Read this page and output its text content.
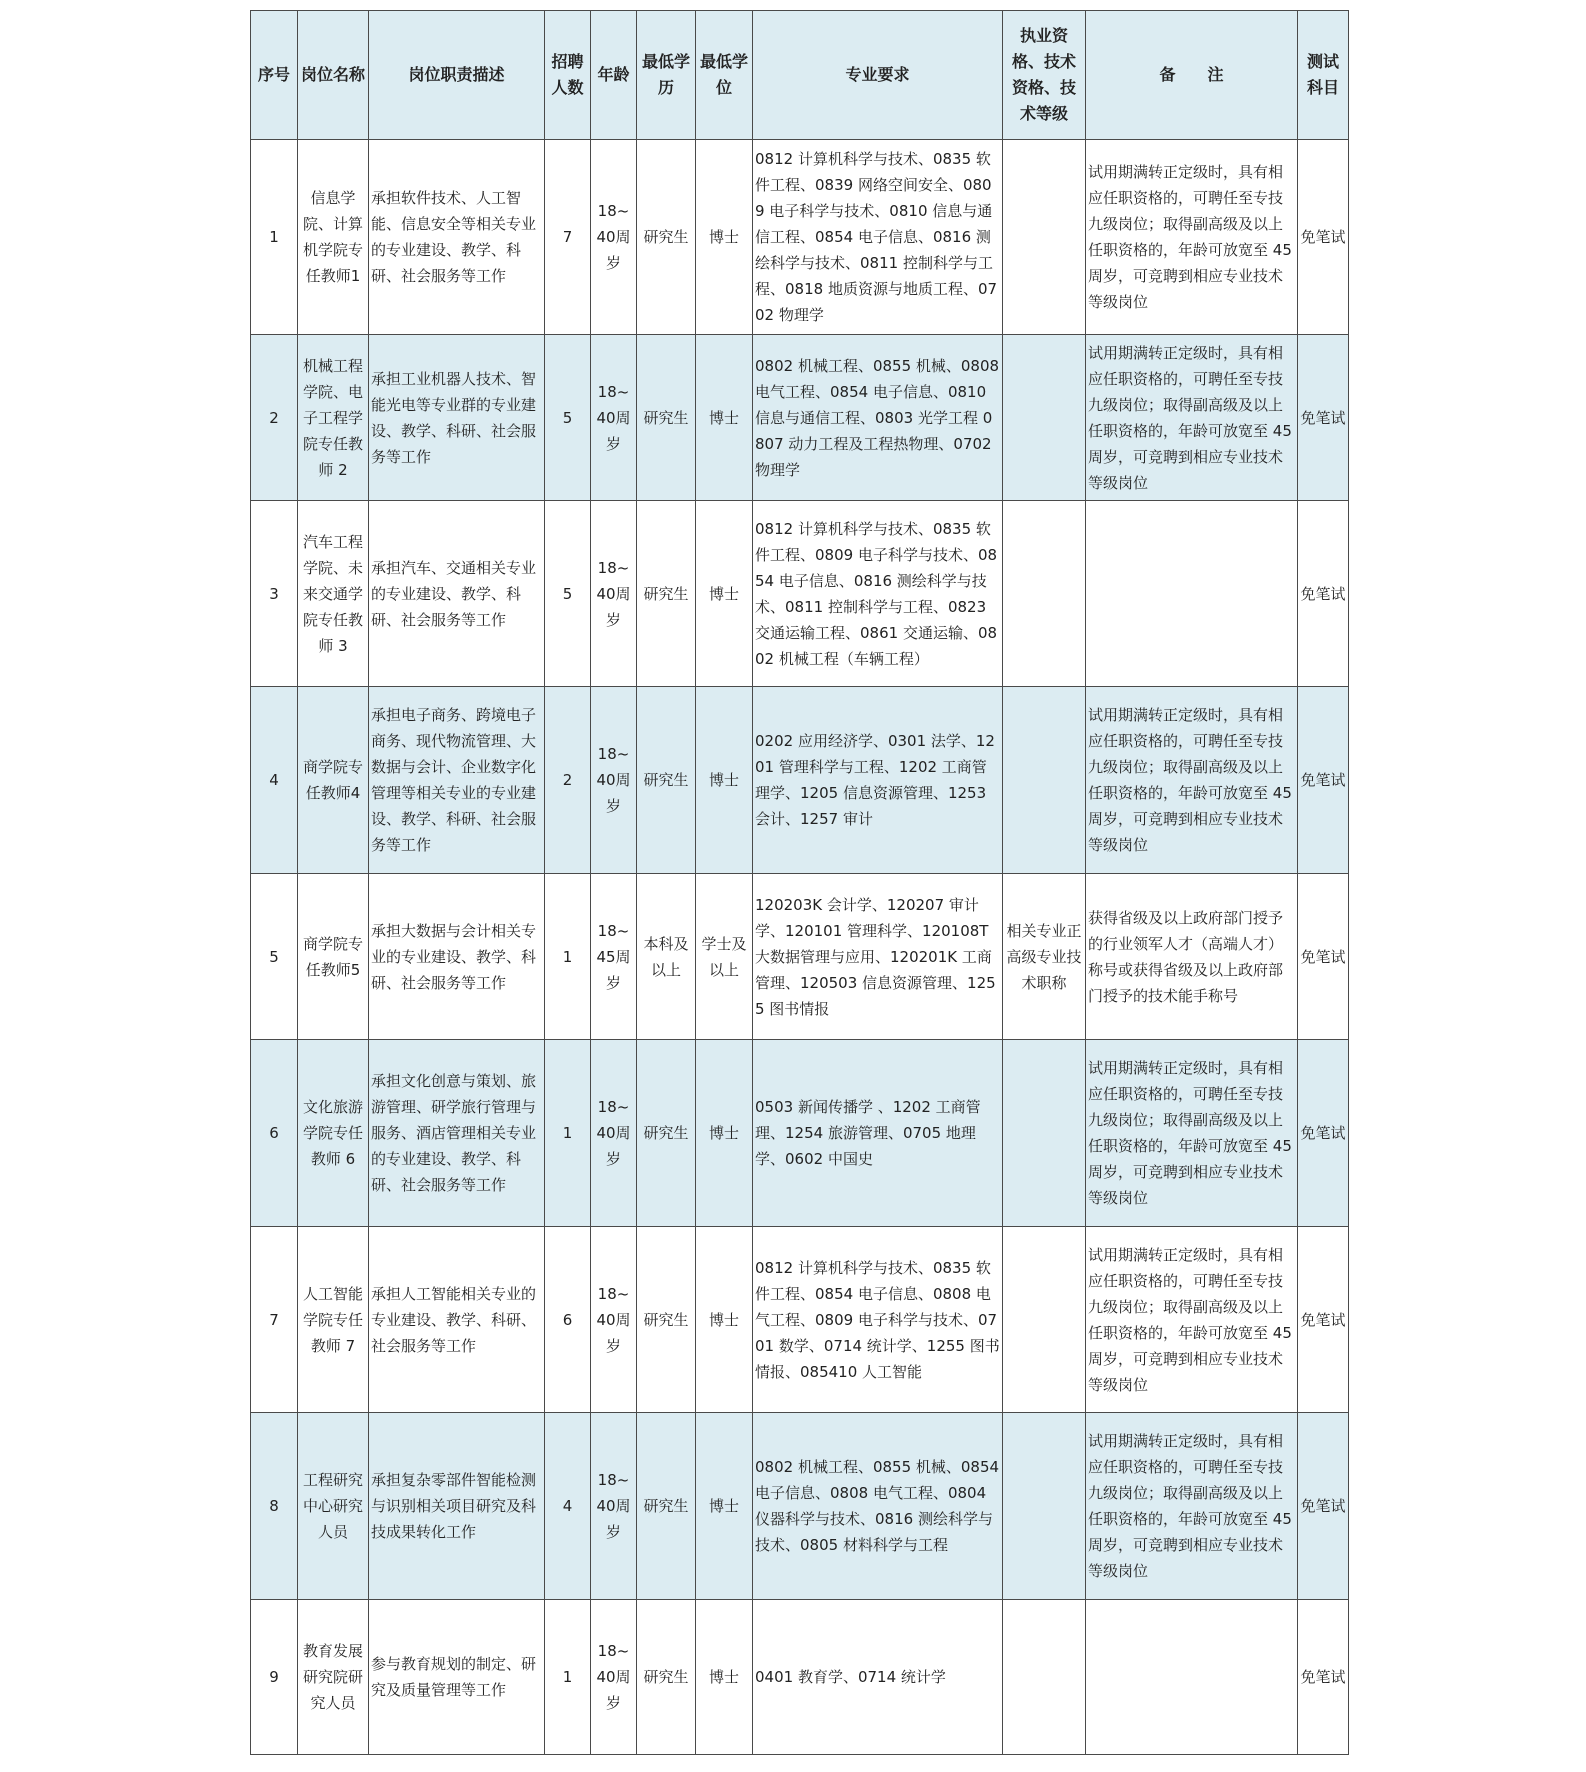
序号	岗位名称	岗位职责描述	招聘人数	年龄	最低学历	最低学位	专业要求	执业资格、技术资格、技术等级	备　　注	测试科目
1	信息学院、计算机学院专任教师1	承担软件技术、人工智能、信息安全等相关专业的专业建设、教学、科研、社会服务等工作	7	18~40周岁	研究生	博士	0812 计算机科学与技术、0835 软件工程、0839 网络空间安全、0809 电子科学与技术、0810 信息与通信工程、0854 电子信息、0816 测绘科学与技术、0811 控制科学与工程、0818 地质资源与地质工程、0702 物理学		试用期满转正定级时，具有相应任职资格的，可聘任至专技九级岗位；取得副高级及以上任职资格的，年龄可放宽至 45 周岁，可竞聘到相应专业技术等级岗位	免笔试
2	机械工程学院、电子工程学院专任教师 2	承担工业机器人技术、智能光电等专业群的专业建设、教学、科研、社会服务等工作	5	18~40周岁	研究生	博士	0802 机械工程、0855 机械、0808 电气工程、0854 电子信息、0810 信息与通信工程、0803 光学工程 0807 动力工程及工程热物理、0702 物理学		试用期满转正定级时，具有相应任职资格的，可聘任至专技九级岗位；取得副高级及以上任职资格的，年龄可放宽至 45 周岁，可竞聘到相应专业技术等级岗位	免笔试
3	汽车工程学院、未来交通学院专任教师 3	承担汽车、交通相关专业的专业建设、教学、科研、社会服务等工作	5	18~40周岁	研究生	博士	0812 计算机科学与技术、0835 软件工程、0809 电子科学与技术、0854 电子信息、0816 测绘科学与技术、0811 控制科学与工程、0823 交通运输工程、0861 交通运输、0802 机械工程（车辆工程）			免笔试
4	商学院专任教师4	承担电子商务、跨境电子商务、现代物流管理、大数据与会计、企业数字化管理等相关专业的专业建设、教学、科研、社会服务等工作	2	18~40周岁	研究生	博士	0202 应用经济学、0301 法学、1201 管理科学与工程、1202 工商管理学、1205 信息资源管理、1253 会计、1257 审计		试用期满转正定级时，具有相应任职资格的，可聘任至专技九级岗位；取得副高级及以上任职资格的，年龄可放宽至 45 周岁，可竞聘到相应专业技术等级岗位	免笔试
5	商学院专任教师5	承担大数据与会计相关专业的专业建设、教学、科研、社会服务等工作	1	18~45周岁	本科及以上	学士及以上	120203K 会计学、120207 审计学、120101 管理科学、120108T 大数据管理与应用、120201K 工商管理、120503 信息资源管理、1255 图书情报	相关专业正高级专业技术职称	获得省级及以上政府部门授予的行业领军人才（高端人才）称号或获得省级及以上政府部门授予的技术能手称号	免笔试
6	文化旅游学院专任教师 6	承担文化创意与策划、旅游管理、研学旅行管理与服务、酒店管理相关专业的专业建设、教学、科研、社会服务等工作	1	18~40周岁	研究生	博士	0503 新闻传播学 、1202 工商管理、1254 旅游管理、0705 地理学、0602 中国史		试用期满转正定级时，具有相应任职资格的，可聘任至专技九级岗位；取得副高级及以上任职资格的，年龄可放宽至 45 周岁，可竞聘到相应专业技术等级岗位	免笔试
7	人工智能学院专任教师 7	承担人工智能相关专业的专业建设、教学、科研、社会服务等工作	6	18~40周岁	研究生	博士	0812 计算机科学与技术、0835 软件工程、0854 电子信息、0808 电气工程、0809 电子科学与技术、0701 数学、0714 统计学、1255 图书情报、085410 人工智能		试用期满转正定级时，具有相应任职资格的，可聘任至专技九级岗位；取得副高级及以上任职资格的，年龄可放宽至 45 周岁，可竞聘到相应专业技术等级岗位	免笔试
8	工程研究中心研究人员	承担复杂零部件智能检测与识别相关项目研究及科技成果转化工作	4	18~40周岁	研究生	博士	0802 机械工程、0855 机械、0854 电子信息、0808 电气工程、0804 仪器科学与技术、0816 测绘科学与技术、0805 材料科学与工程		试用期满转正定级时，具有相应任职资格的，可聘任至专技九级岗位；取得副高级及以上任职资格的，年龄可放宽至 45 周岁，可竞聘到相应专业技术等级岗位	免笔试
9	教育发展研究院研究人员	参与教育规划的制定、研究及质量管理等工作	1	18~40周岁	研究生	博士	0401 教育学、0714 统计学			免笔试
